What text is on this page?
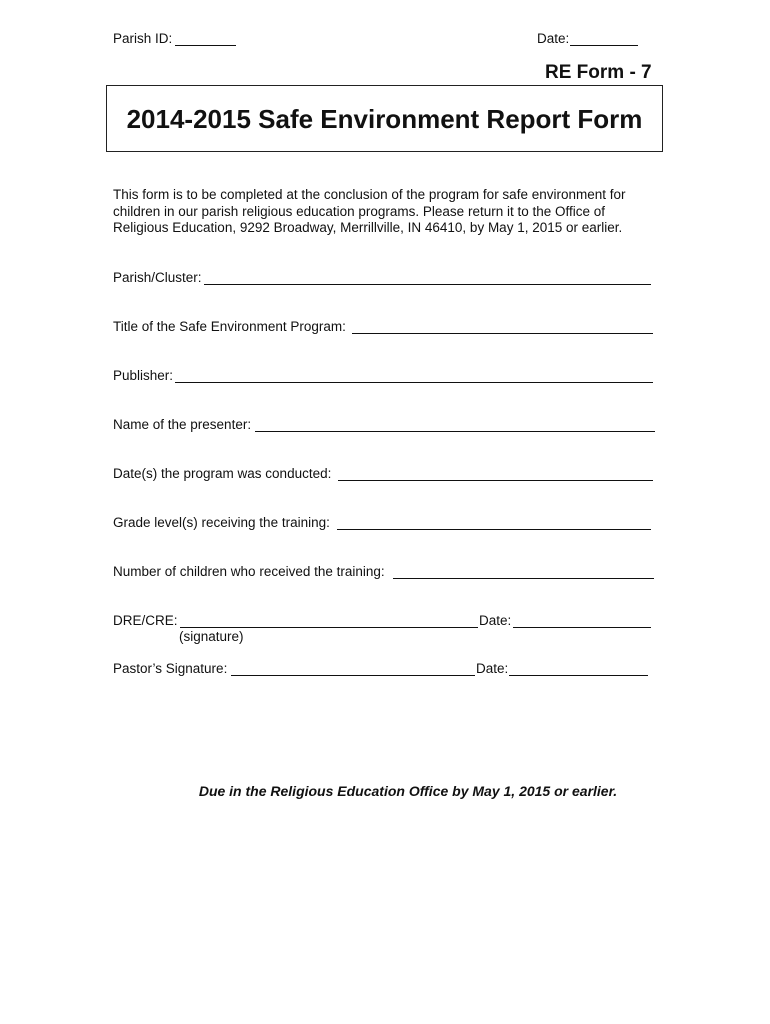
Parish ID:	Date:
RE Form - 7
2014-2015 Safe Environment Report Form
This form is to be completed at the conclusion of the program for safe environment for children in our parish religious education programs. Please return it to the Office of Religious Education, 9292 Broadway, Merrillville, IN 46410, by May 1, 2015 or earlier.
Parish/Cluster:
Title of the Safe Environment Program:
Publisher:
Name of the presenter:
Date(s) the program was conducted:
Grade level(s) receiving the training:
Number of children who received the training:
DRE/CRE:	Date:
(signature)
Pastor’s Signature:	Date:
Due in the Religious Education Office by May 1, 2015 or earlier.
